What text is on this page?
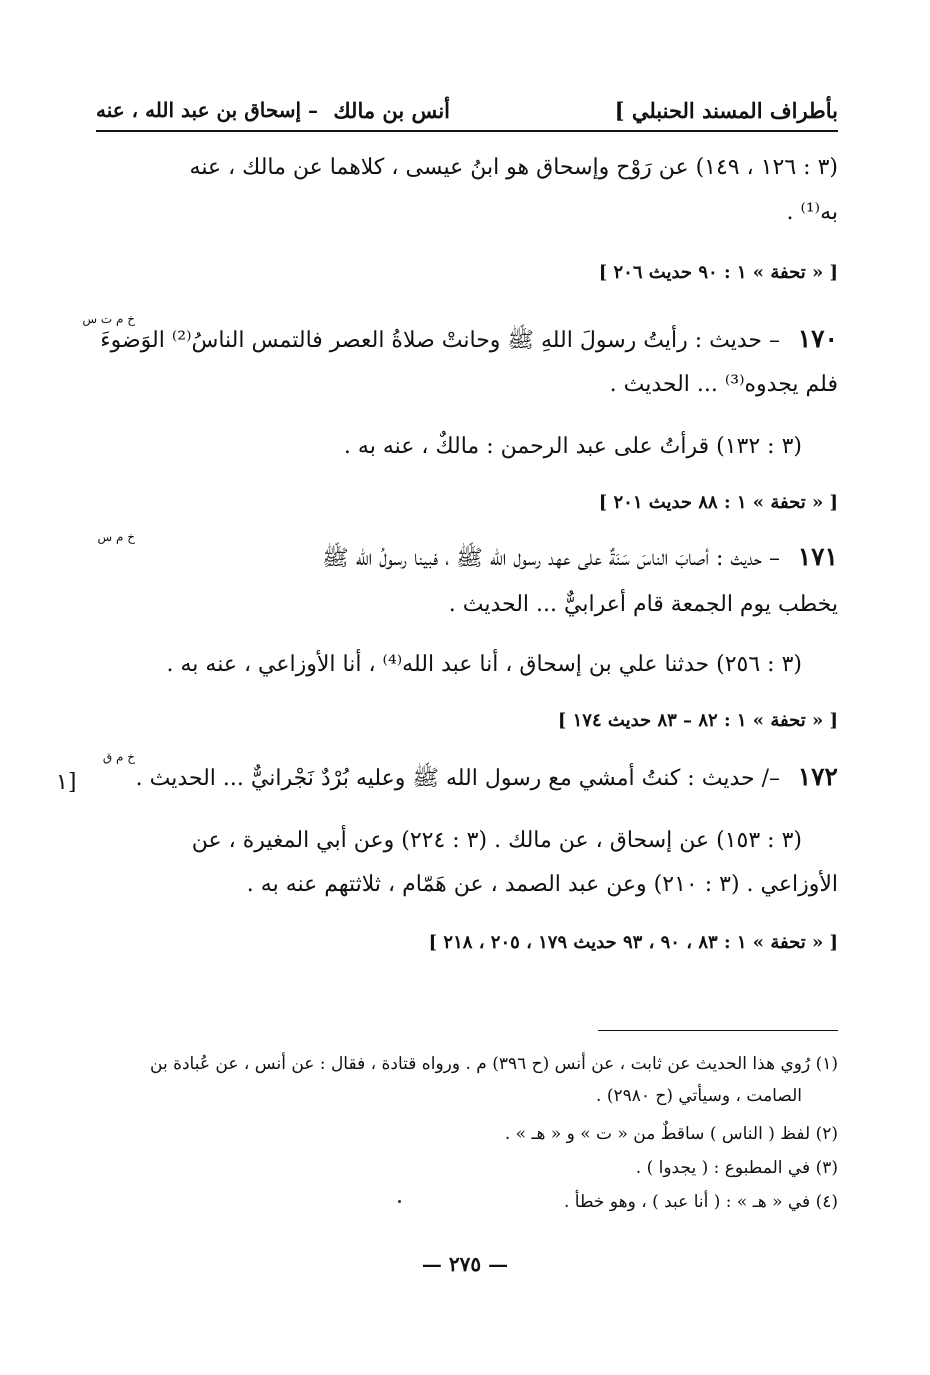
بأطراف المسند الحنبلي ]
أنس بن مالك
– إسحاق بن عبد الله ، عنه
(٣ : ١٢٦ ، ١٤٩) عن رَوْح وإسحاق هو ابنُ عيسى ، كلاهما عن مالك ، عنه
به⁽¹⁾ .
[ « تحفة » ١ : ٩٠ حديث ٢٠٦ ]
خ م ت س
– حديث : رأيتُ رسولَ اللهِ ﷺ وحانتْ صلاةُ العصر فالتمس الناسُ⁽²⁾ الوَضوءَ ١٧٠
فلم يجدوه⁽³⁾ ... الحديث .
(٣ : ١٣٢) قرأتُ على عبد الرحمن : مالكٌ ، عنه به .
[ « تحفة » ١ : ٨٨ حديث ٢٠١ ]
خ م س
– حديث : أصابَ الناسَ سَنَةٌ على عهد رسول الله ﷺ ، فبينا رسولُ الله ﷺ ١٧١
يخطب يوم الجمعة قام أعرابيٌّ ... الحديث .
(٣ : ٢٥٦) حدثنا علي بن إسحاق ، أنا عبد الله⁽⁴⁾ ، أنا الأوزاعي ، عنه به .
[ « تحفة » ١ : ٨٢ – ٨٣ حديث ١٧٤ ]
خ م ق
–/ حديث : كنتُ أمشي مع رسول الله ﷺ وعليه بُرْدٌ نَجْرانيٌّ ... الحديث . ١٧٢
[١
(٣ : ١٥٣) عن إسحاق ، عن مالك . (٣ : ٢٢٤) وعن أبي المغيرة ، عن
الأوزاعي . (٣ : ٢١٠) وعن عبد الصمد ، عن هَمّام ، ثلاثتهم عنه به .
[ « تحفة » ١ : ٨٣ ، ٩٠ ، ٩٣ حديث ١٧٩ ، ٢٠٥ ، ٢١٨ ]
(١) رُوي هذا الحديث عن ثابت ، عن أنس (ح ٣٩٦) م . ورواه قتادة ، فقال : عن أنس ، عن عُبادة بن
الصامت ، وسيأتي (ح ٢٩٨٠) .
(٢) لفظ ( الناس ) ساقطٌ من « ت » و « هـ » .
(٣) في المطبوع : ( يجدوا ) .
(٤) في « هـ » : ( أنا عبد ) ، وهو خطأ .
— ٢٧٥ —
